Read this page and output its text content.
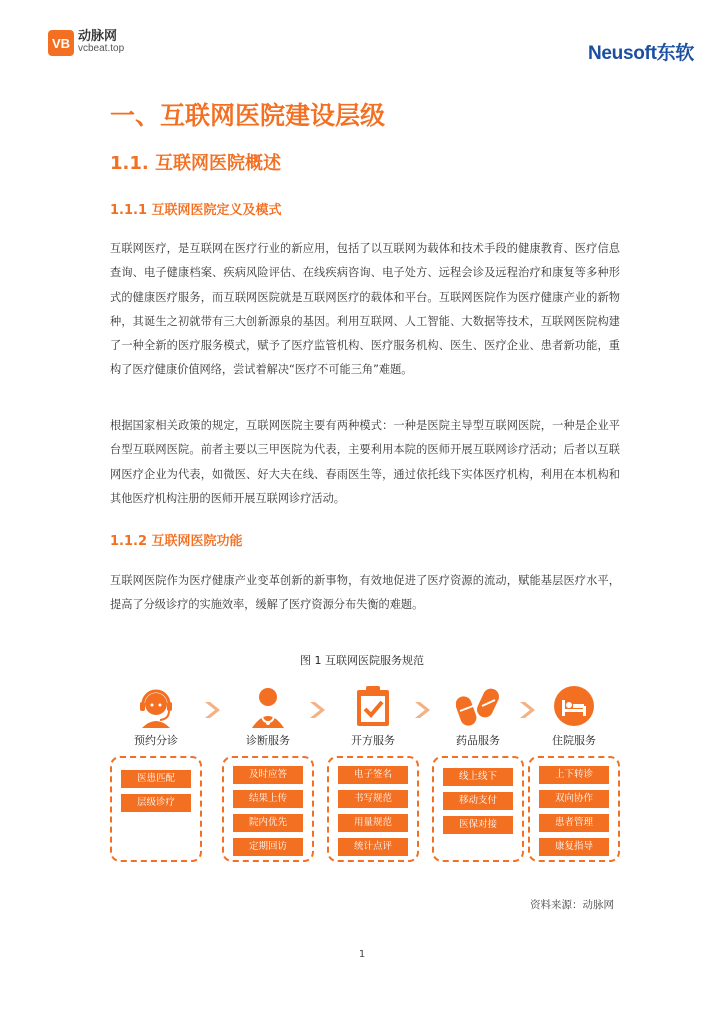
VB 动脉网
vcbeat.top	Neusoft东软
一、互联网医院建设层级
1.1. 互联网医院概述
1.1.1 互联网医院定义及模式
互联网医疗，是互联网在医疗行业的新应用，包括了以互联网为载体和技术手段的健康教育、医疗信息查询、电子健康档案、疾病风险评估、在线疾病咨询、电子处方、远程会诊及远程治疗和康复等多种形式的健康医疗服务，而互联网医院就是互联网医疗的载体和平台。互联网医院作为医疗健康产业的新物种，其诞生之初就带有三大创新源泉的基因。利用互联网、人工智能、大数据等技术，互联网医院构建了一种全新的医疗服务模式，赋予了医疗监管机构、医疗服务机构、医生、医疗企业、患者新功能，重构了医疗健康价值网络，尝试着解决“医疗不可能三角”难题。
根据国家相关政策的规定，互联网医院主要有两种模式：一种是医院主导型互联网医院，一种是企业平台型互联网医院。前者主要以三甲医院为代表，主要利用本院的医师开展互联网诊疗活动；后者以互联网医疗企业为代表，如微医、好大夫在线、春雨医生等，通过依托线下实体医疗机构，利用在本机构和其他医疗机构注册的医师开展互联网诊疗活动。
1.1.2 互联网医院功能
互联网医院作为医疗健康产业变革创新的新事物，有效地促进了医疗资源的流动，赋能基层医疗水平，提高了分级诊疗的实施效率，缓解了医疗资源分布失衡的难题。
图 1 互联网医院服务规范
预约分诊
医患匹配
层级诊疗
诊断服务
及时应答
结果上传
院内优先
定期回访
开方服务
电子签名
书写规范
用量规范
统计点评
药品服务
线上线下
移动支付
医保对接
住院服务
上下转诊
双向协作
患者管理
康复指导
资料来源：动脉网
1
